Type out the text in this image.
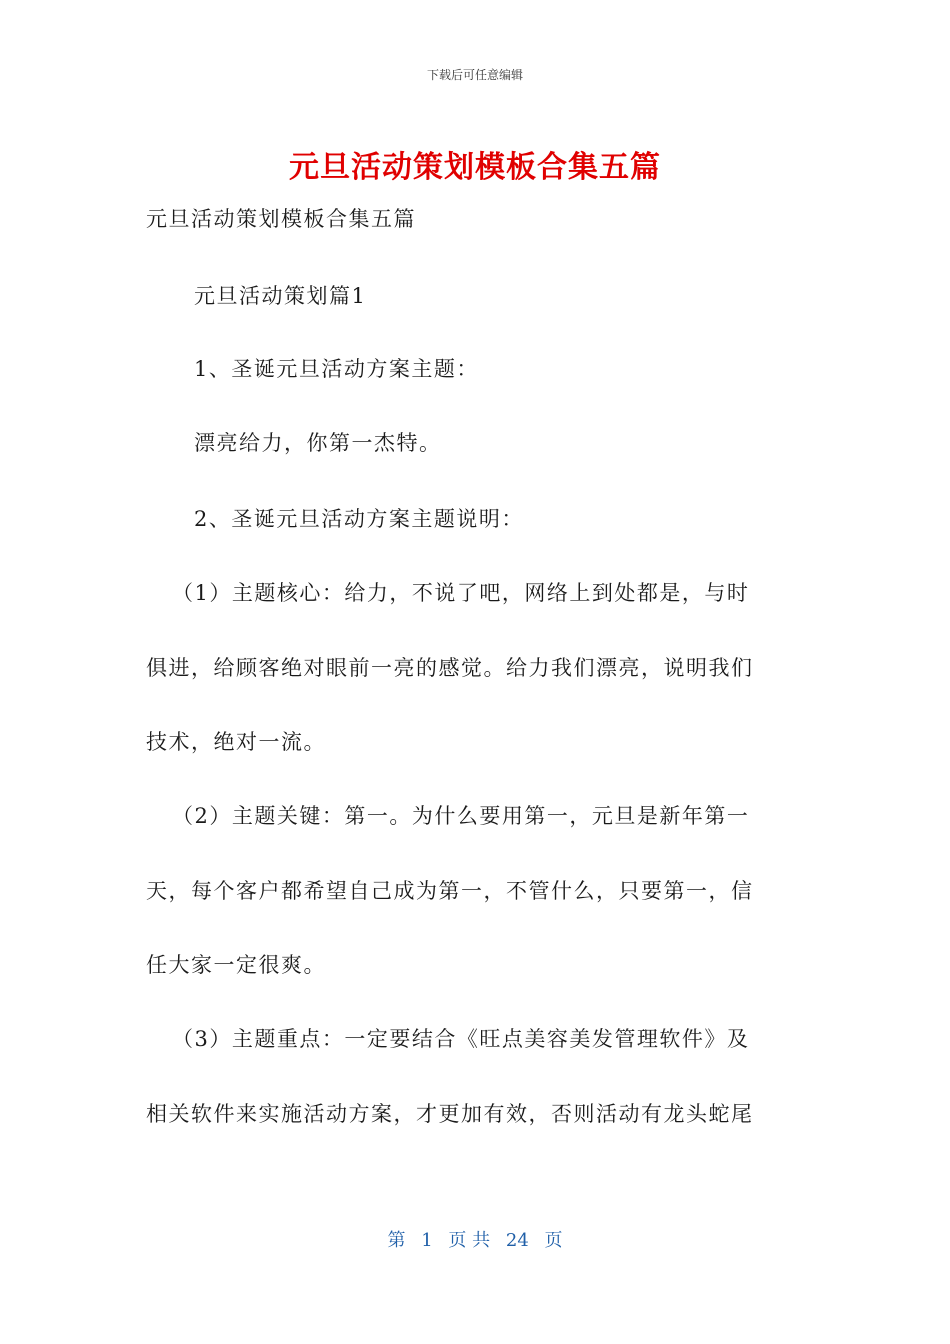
下载后可任意编辑
元旦活动策划模板合集五篇
元旦活动策划模板合集五篇
元旦活动策划篇1
1、圣诞元旦活动方案主题：
漂亮给力，你第一杰特。
2、圣诞元旦活动方案主题说明：
（1）主题核心：给力，不说了吧，网络上到处都是，与时
俱进，给顾客绝对眼前一亮的感觉。给力我们漂亮，说明我们
技术，绝对一流。
（2）主题关键：第一。为什么要用第一，元旦是新年第一
天，每个客户都希望自己成为第一，不管什么，只要第一，信
任大家一定很爽。
（3）主题重点：一定要结合《旺点美容美发管理软件》及
相关软件来实施活动方案，才更加有效，否则活动有龙头蛇尾
第 1 页 共 24 页
